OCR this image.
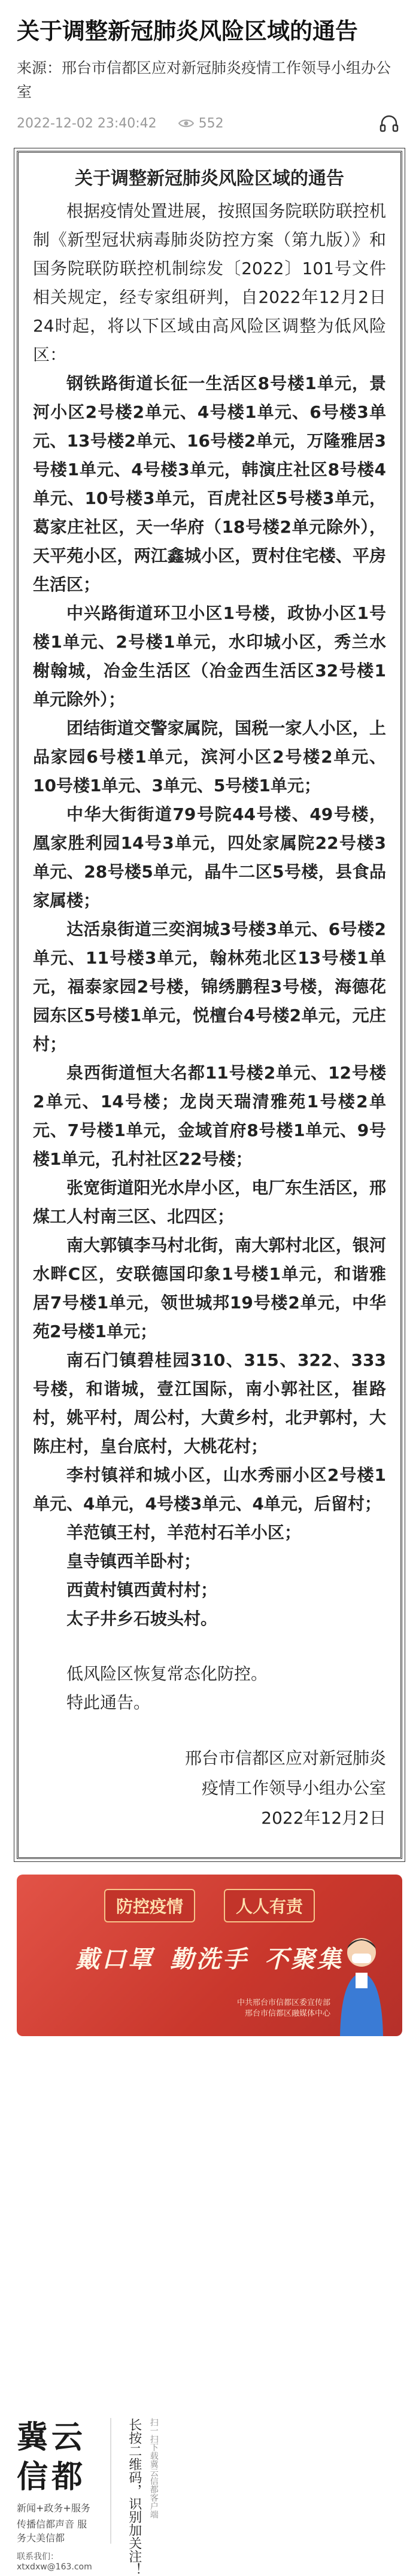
关于调整新冠肺炎风险区域的通告
来源：邢台市信都区应对新冠肺炎疫情工作领导小组办公室
2022-12-02 23:40:42	552
关于调整新冠肺炎风险区域的通告

根据疫情处置进展，按照国务院联防联控机制《新型冠状病毒肺炎防控方案（第九版）》和国务院联防联控机制综发〔2022〕101号文件相关规定，经专家组研判，自2022年12月2日24时起，将以下区域由高风险区调整为低风险区：

钢铁路街道长征一生活区8号楼1单元，景河小区2号楼2单元、4号楼1单元、6号楼3单元、13号楼2单元、16号楼2单元，万隆雅居3号楼1单元、4号楼3单元，韩演庄社区8号楼4单元、10号楼3单元，百虎社区5号楼3单元，葛家庄社区，天一华府（18号楼2单元除外），天平苑小区，两江鑫城小区，贾村住宅楼、平房生活区；

中兴路街道环卫小区1号楼，政协小区1号楼1单元、2号楼1单元，水印城小区，秀兰水榭翰城，冶金生活区（冶金西生活区32号楼1单元除外）；

团结街道交警家属院，国税一家人小区，上品家园6号楼1单元，滨河小区2号楼2单元、10号楼1单元、3单元、5号楼1单元；

中华大街街道79号院44号楼、49号楼，凰家胜利园14号3单元，四处家属院22号楼3单元、28号楼5单元，晶牛二区5号楼，县食品家属楼；

达活泉街道三奕润城3号楼3单元、6号楼2单元、11号楼3单元，翰林苑北区13号楼1单元，福泰家园2号楼，锦绣鹏程3号楼，海德花园东区5号楼1单元，悦檀台4号楼2单元，元庄村；

泉西街道恒大名都11号楼2单元、12号楼2单元、14号楼；龙岗天瑞清雅苑1号楼2单元、7号楼1单元，金域首府8号楼1单元、9号楼1单元，孔村社区22号楼；

张宽街道阳光水岸小区，电厂东生活区，邢煤工人村南三区、北四区；

南大郭镇李马村北街，南大郭村北区，银河水畔C区，安联德国印象1号楼1单元，和谐雅居7号楼1单元，领世城邦19号楼2单元，中华苑2号楼1单元；

南石门镇碧桂园310、315、322、333号楼，和谐城，壹江国际，南小郭社区，崔路村，姚平村，周公村，大黄乡村，北尹郭村，大陈庄村，皇台底村，大桃花村；

李村镇祥和城小区，山水秀丽小区2号楼1单元、4单元，4号楼3单元、4单元，后留村；

羊范镇王村，羊范村石羊小区；

皇寺镇西羊卧村；

西黄村镇西黄村村；

太子井乡石坡头村。

低风险区恢复常态化防控。

特此通告。

邢台市信都区应对新冠肺炎
疫情工作领导小组办公室
2022年12月2日
防控疫情	人人有责
戴口罩 勤洗手 不聚集
中共邢台市信都区委宣传部
邢台市信都区融媒体中心
冀云信都
新闻+政务+服务
传播信都声音 服务大美信都
联系我们：xtxdxw@163.com	长按二维码，识别加关注！ 扫一扫下载冀云信都客户端
